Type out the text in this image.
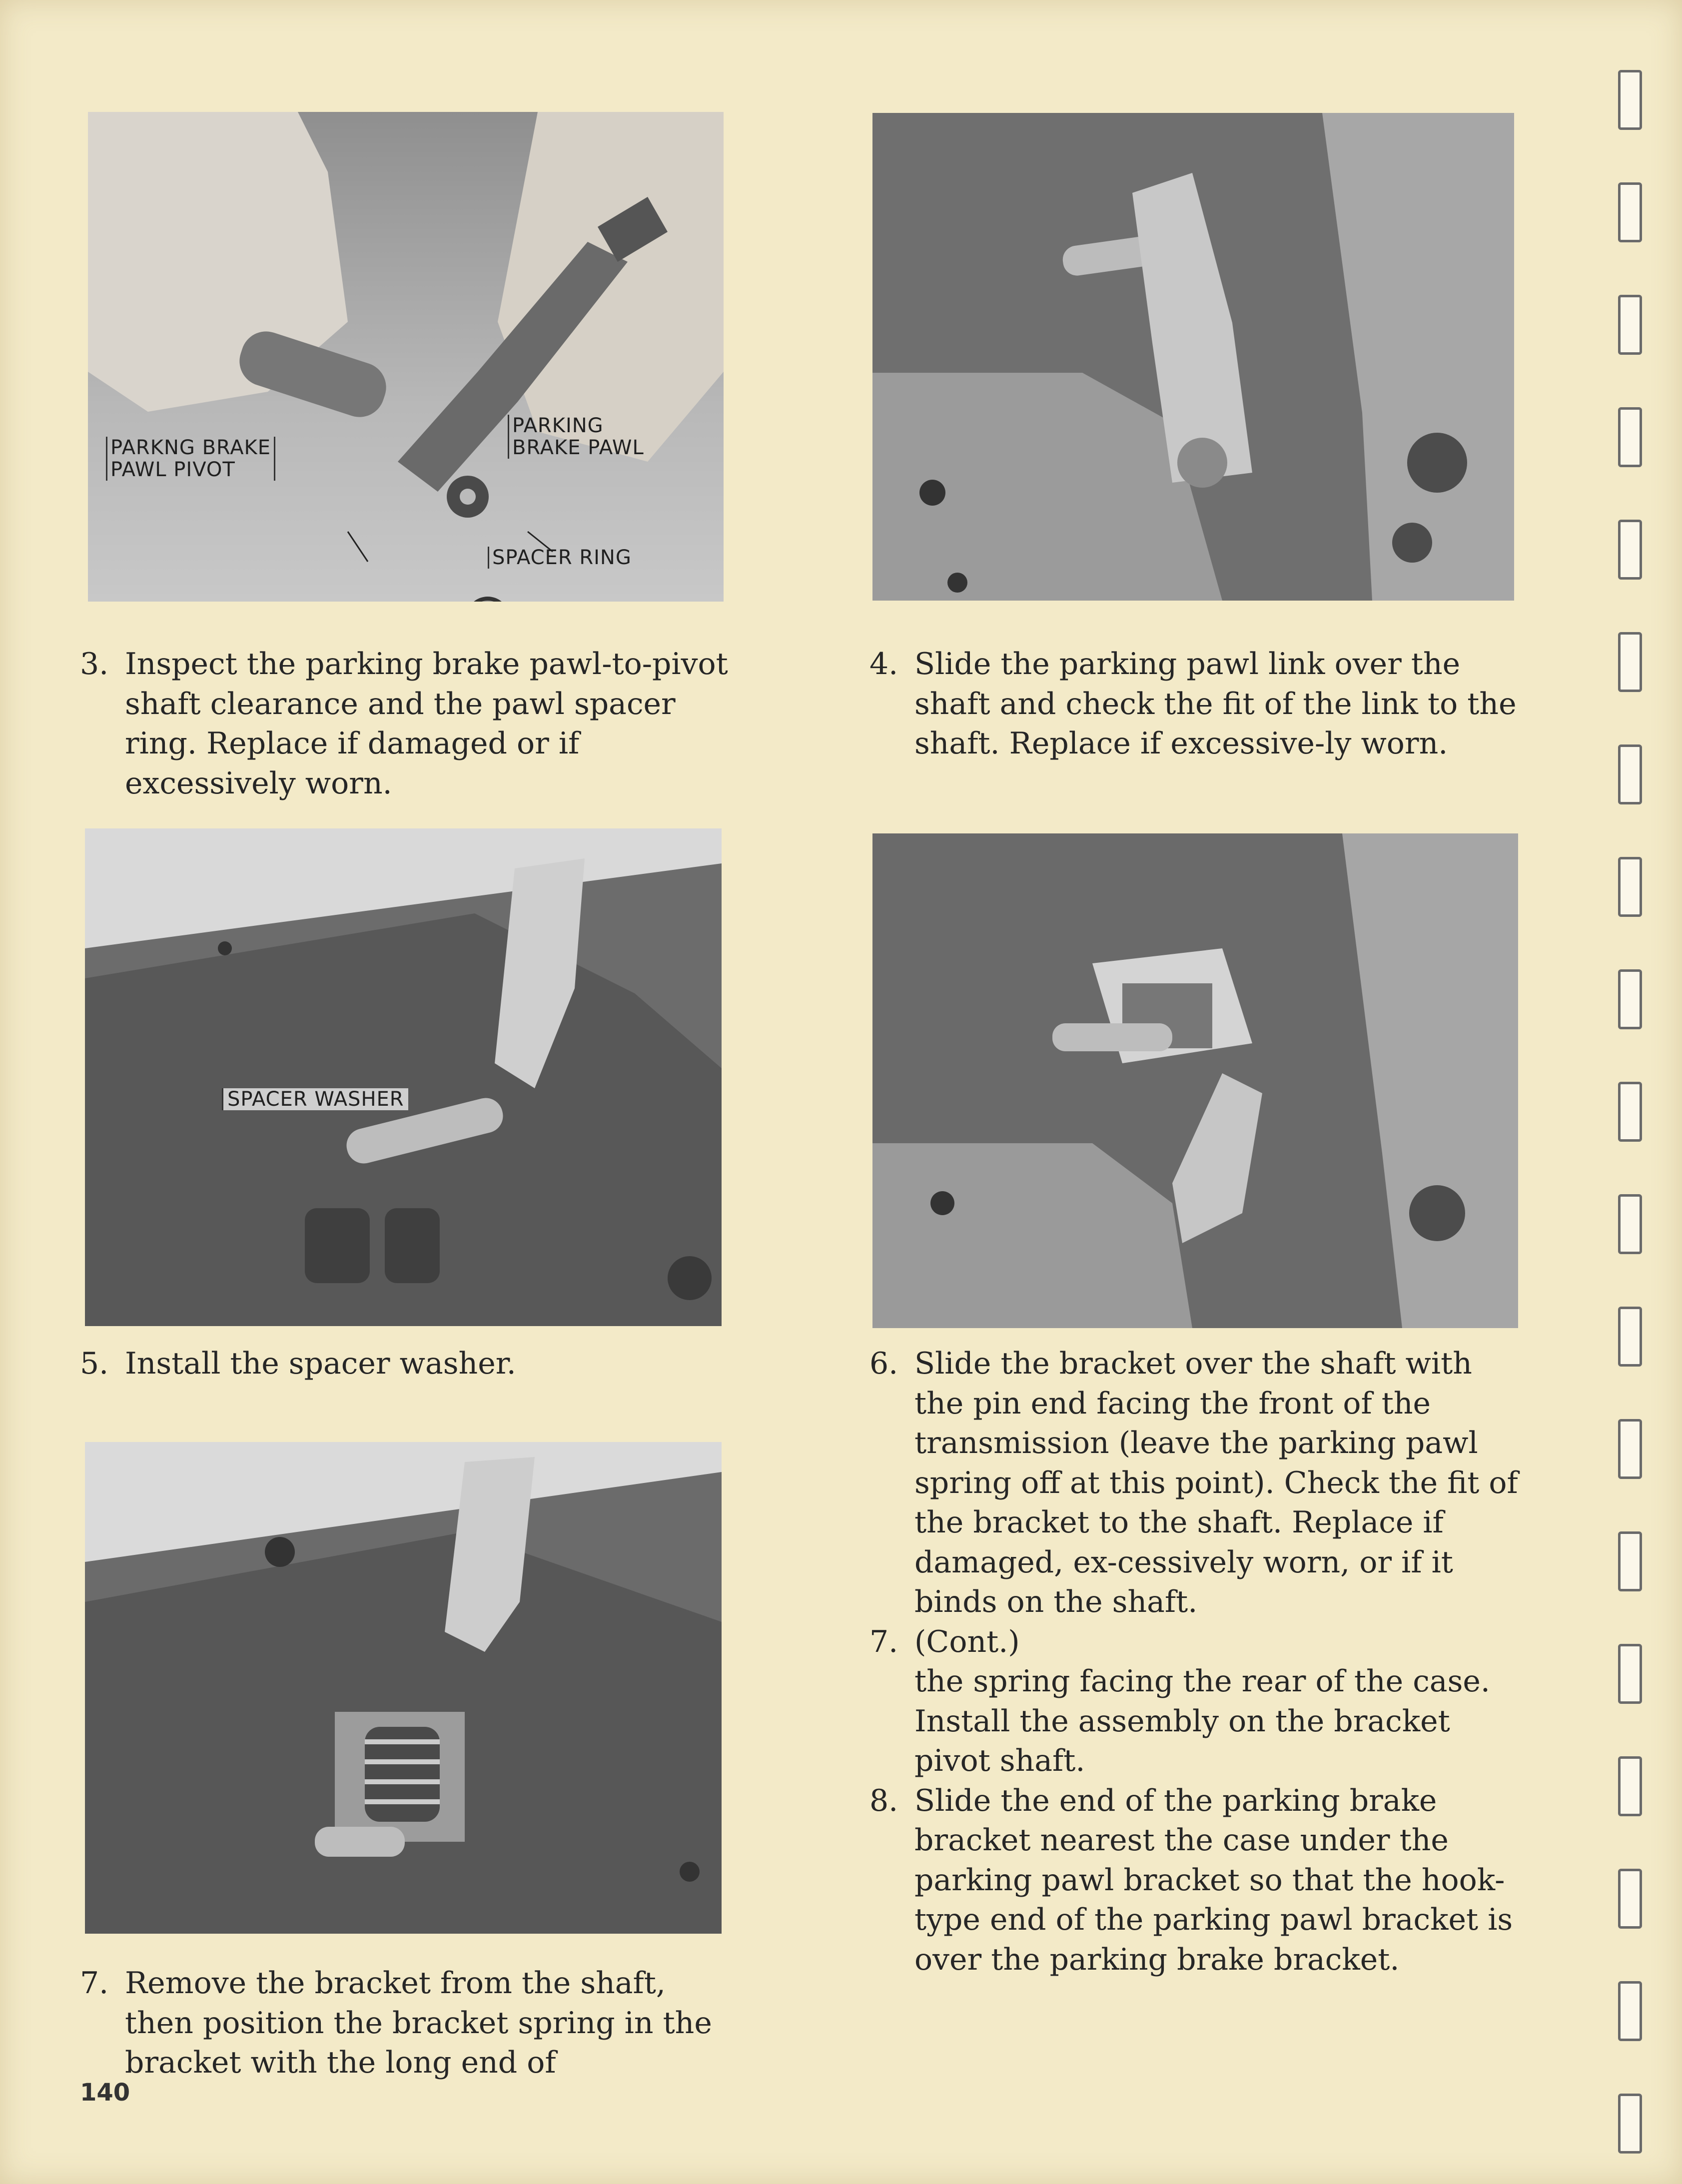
PARKNG BRAKE
PAWL PIVOT
PARKING
BRAKE PAWL
SPACER RING
SPACER WASHER
3. Inspect the parking brake pawl-to-pivot shaft clearance and the pawl spacer ring. Replace if damaged or if excessively worn.
4. Slide the parking pawl link over the shaft and check the fit of the link to the shaft. Replace if excessive-ly worn.
5. Install the spacer washer.	6. Slide the bracket over the shaft with the pin end facing the front of the transmission (leave the parking pawl spring off at this point). Check the fit of the bracket to the shaft. Replace if damaged, ex-cessively worn, or if it binds on the shaft.
7. (Cont.)
the spring facing the rear of the case. Install the assembly on the bracket pivot shaft.
8. Slide the end of the parking brake bracket nearest the case under the parking pawl bracket so that the hook-type end of the parking pawl bracket is over the parking brake bracket.
7. Remove the bracket from the shaft, then position the bracket spring in the bracket with the long end of
140
